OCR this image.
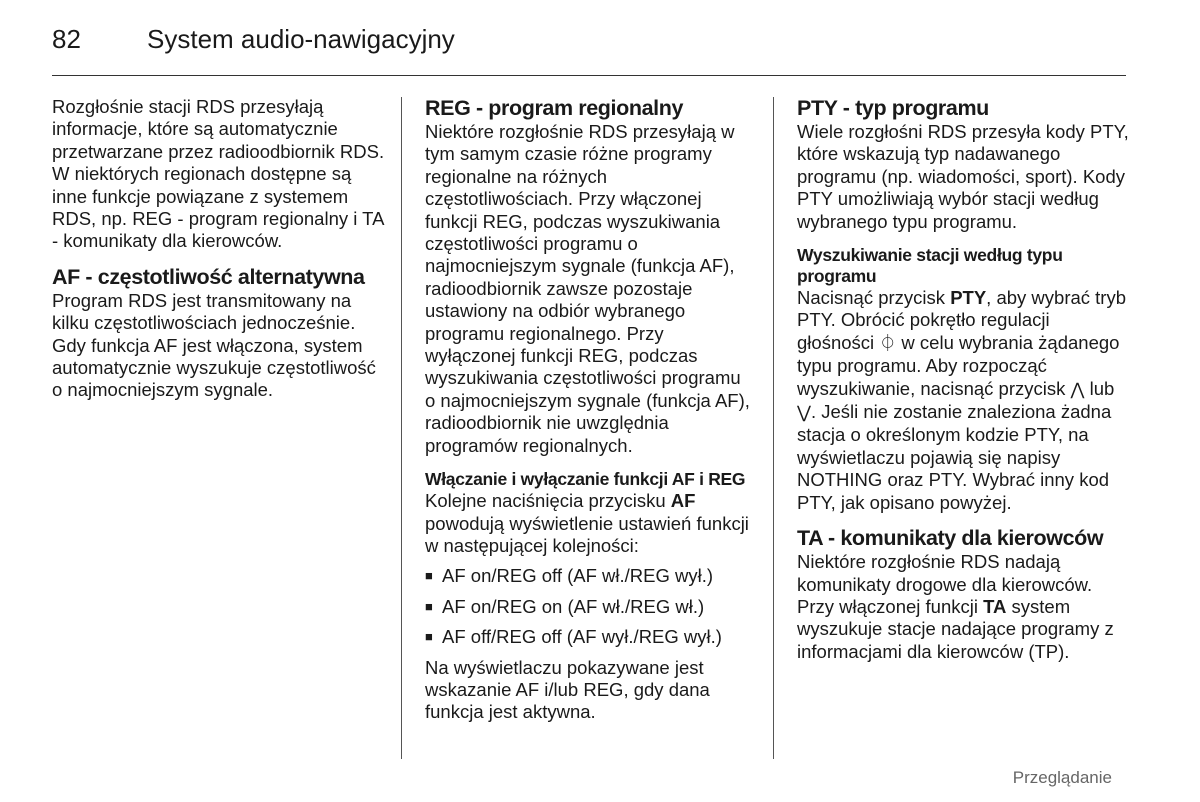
82	System audio-nawigacyjny

Rozgłośnie stacji RDS przesyłają informacje, które są automatycznie przetwarzane przez radioodbiornik RDS. W niektórych regionach dostępne są inne funkcje powiązane z systemem RDS, np. REG - program regionalny i TA - komunikaty dla kierowców.

AF - częstotliwość alternatywna

Program RDS jest transmitowany na kilku częstotliwościach jednocześnie. Gdy funkcja AF jest włączona, system automatycznie wyszukuje częstotliwość o najmocniejszym sygnale.

REG - program regionalny

Niektóre rozgłośnie RDS przesyłają w tym samym czasie różne programy regionalne na różnych częstotliwościach. Przy włączonej funkcji REG, podczas wyszukiwania częstotliwości programu o najmocniejszym sygnale (funkcja AF), radioodbiornik zawsze pozostaje ustawiony na odbiór wybranego programu regionalnego. Przy wyłączonej funkcji REG, podczas wyszukiwania częstotliwości programu o najmocniejszym sygnale (funkcja AF), radioodbiornik nie uwzględnia programów regionalnych.

Włączanie i wyłączanie funkcji AF i REG

Kolejne naciśnięcia przycisku AF powodują wyświetlenie ustawień funkcji w następującej kolejności:

■ AF on/REG off (AF wł./REG wył.)
■ AF on/REG on (AF wł./REG wł.)
■ AF off/REG off (AF wył./REG wył.)

Na wyświetlaczu pokazywane jest wskazanie AF i/lub REG, gdy dana funkcja jest aktywna.

PTY - typ programu

Wiele rozgłośni RDS przesyła kody PTY, które wskazują typ nadawanego programu (np. wiadomości, sport). Kody PTY umożliwiają wybór stacji według wybranego typu programu.

Wyszukiwanie stacji według typu programu

Nacisnąć przycisk PTY, aby wybrać tryb PTY. Obrócić pokrętło regulacji głośności ⏀ w celu wybrania żądanego typu programu. Aby rozpocząć wyszukiwanie, nacisnąć przycisk ⋀ lub ⋁. Jeśli nie zostanie znaleziona żadna stacja o określonym kodzie PTY, na wyświetlaczu pojawią się napisy NOTHING oraz PTY. Wybrać inny kod PTY, jak opisano powyżej.

TA - komunikaty dla kierowców

Niektóre rozgłośnie RDS nadają komunikaty drogowe dla kierowców. Przy włączonej funkcji TA system wyszukuje stacje nadające programy z informacjami dla kierowców (TP).

Przeglądanie
